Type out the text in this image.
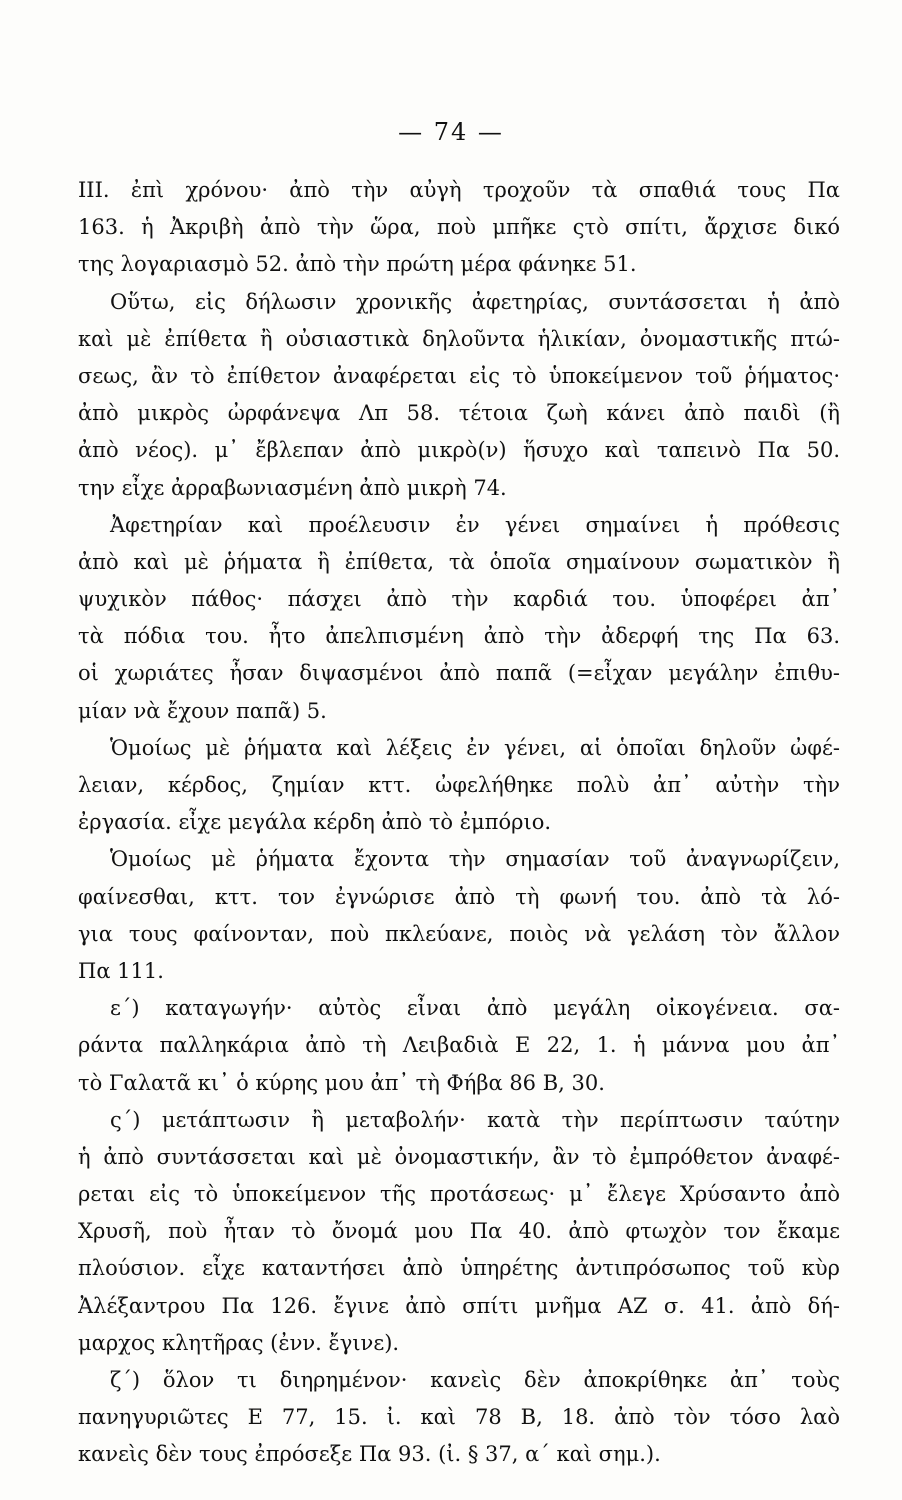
— 74 —
ΙΙΙ. ἐπὶ χρόνου· ἀπὸ τὴν αὐγὴ τροχοῦν τὰ σπαθιά τους Πα
163. ἡ Ἀκριβὴ ἀπὸ τὴν ὥρα, ποὺ μπῆκε ςτὸ σπίτι, ἄρχισε δικό
της λογαριασμὸ 52. ἀπὸ τὴν πρώτη μέρα φάνηκε 51.
Οὕτω, εἰς δήλωσιν χρονικῆς ἀφετηρίας, συντάσσεται ἡ ἀπὸ
καὶ μὲ ἐπίθετα ἢ οὐσιαστικὰ δηλοῦντα ἡλικίαν, ὀνομαστικῆς πτώ-
σεως, ἂν τὸ ἐπίθετον ἀναφέρεται εἰς τὸ ὑποκείμενον τοῦ ῥήματος·
ἀπὸ μικρὸς ὠρφάνεψα Λπ 58. τέτοια ζωὴ κάνει ἀπὸ παιδὶ (ἢ
ἀπὸ νέος). μ᾽ ἔβλεπαν ἀπὸ μικρὸ(ν) ἥσυχο καὶ ταπεινὸ Πα 50.
την εἶχε ἀρραβωνιασμένη ἀπὸ μικρὴ 74.
Ἀφετηρίαν καὶ προέλευσιν ἐν γένει σημαίνει ἡ πρόθεσις
ἀπὸ καὶ μὲ ῥήματα ἢ ἐπίθετα, τὰ ὁποῖα σημαίνουν σωματικὸν ἢ
ψυχικὸν πάθος· πάσχει ἀπὸ τὴν καρδιά του. ὑποφέρει ἀπ᾽
τὰ πόδια του. ἦτο ἀπελπισμένη ἀπὸ τὴν ἀδερφή της Πα 63.
οἱ χωριάτες ἦσαν διψασμένοι ἀπὸ παπᾶ (=εἶχαν μεγάλην ἐπιθυ-
μίαν νὰ ἔχουν παπᾶ) 5.
Ὁμοίως μὲ ῥήματα καὶ λέξεις ἐν γένει, αἱ ὁποῖαι δηλοῦν ὠφέ-
λειαν, κέρδος, ζημίαν κττ. ὠφελήθηκε πολὺ ἀπ᾽ αὐτὴν τὴν
ἐργασία. εἶχε μεγάλα κέρδη ἀπὸ τὸ ἐμπόριο.
Ὁμοίως μὲ ῥήματα ἔχοντα τὴν σημασίαν τοῦ ἀναγνωρίζειν,
φαίνεσθαι, κττ. τον ἐγνώρισε ἀπὸ τὴ φωνή του. ἀπὸ τὰ λό-
για τους φαίνονταν, ποὺ πκλεύανε, ποιὸς νὰ γελάση τὸν ἄλλον
Πα 111.
ε΄) καταγωγήν· αὐτὸς εἶναι ἀπὸ μεγάλη οἰκογένεια. σα-
ράντα παλληκάρια ἀπὸ τὴ Λειβαδιὰ Ε 22, 1. ἡ μάννα μου ἀπ᾽
τὸ Γαλατᾶ κι᾽ ὁ κύρης μου ἀπ᾽ τὴ Φήβα 86 Β, 30.
ς΄) μετάπτωσιν ἢ μεταβολήν· κατὰ τὴν περίπτωσιν ταύτην
ἡ ἀπὸ συντάσσεται καὶ μὲ ὀνομαστικήν, ἂν τὸ ἐμπρόθετον ἀναφέ-
ρεται εἰς τὸ ὑποκείμενον τῆς προτάσεως· μ᾽ ἔλεγε Χρύσαντο ἀπὸ
Χρυσῆ, ποὺ ἦταν τὸ ὄνομά μου Πα 40. ἀπὸ φτωχὸν τον ἔκαμε
πλούσιον. εἶχε καταντήσει ἀπὸ ὑπηρέτης ἀντιπρόσωπος τοῦ κὺρ
Ἀλέξαντρου Πα 126. ἔγινε ἀπὸ σπίτι μνῆμα ΑΖ σ. 41. ἀπὸ δή-
μαρχος κλητῆρας (ἐνν. ἔγινε).
ζ΄) ὅλον τι διηρημένον· κανεὶς δὲν ἀποκρίθηκε ἀπ᾽ τοὺς
πανηγυριῶτες Ε 77, 15. ἰ. καὶ 78 Β, 18. ἀπὸ τὸν τόσο λαὸ
κανεὶς δὲν τους ἐπρόσεξε Πα 93. (ἰ. § 37, α΄ καὶ σημ.).
